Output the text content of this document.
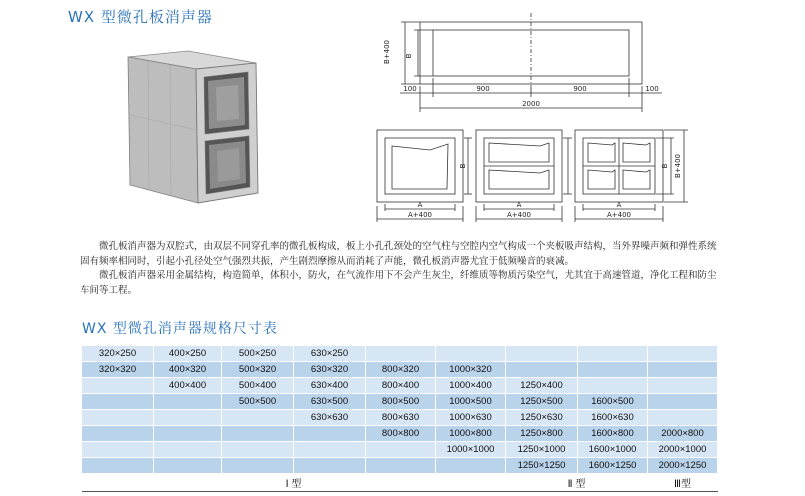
WX 型微孔板消声器
B+400 B
100	900	900	100
2000
A
A+400
B
A
A+400
B B+400
A
A+400

微孔板消声器为双腔式，由双层不同穿孔率的微孔板构成，板上小孔孔颈处的空气柱与空腔内空气构成一个夹板吸声结构，当外界噪声频和弹性系统固有频率相同时，引起小孔径处空气强烈共振，产生剧烈摩擦从而消耗了声能，微孔板消声器尤宜于低频噪音的衰减。

微孔板消声器采用金属结构，构造简单，体积小，防火，在气流作用下不会产生灰尘，纤维质等物质污染空气，尤其宜于高速管道，净化工程和防尘车间等工程。

WX 型微孔消声器规格尺寸表
320×250	400×250	500×250	630×250					
320×320	400×320	500×320	630×320	800×320	1000×320			
	400×400	500×400	630×400	800×400	1000×400	1250×400		
		500×500	630×500	800×500	1000×500	1250×500	1600×500	
			630×630	800×630	1000×630	1250×630	1600×630	
				800×800	1000×800	1250×800	1600×800	2000×800
					1000×1000	1250×1000	1600×1000	2000×1000
						1250×1250	1600×1250	2000×1250
Ⅰ 型						Ⅱ 型		Ⅲ型
